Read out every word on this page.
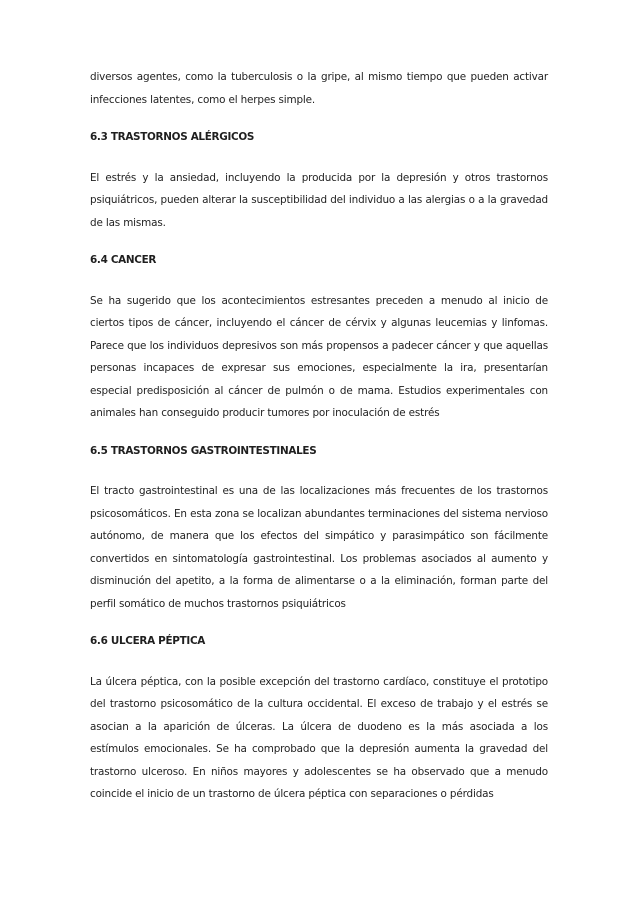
diversos agentes, como la tuberculosis o la gripe, al mismo tiempo que pueden activar infecciones latentes, como el herpes simple.

6.3 TRASTORNOS ALÉRGICOS

El estrés y la ansiedad, incluyendo la producida por la depresión y otros trastornos psiquiátricos, pueden alterar la susceptibilidad del individuo a las alergias o a la gravedad de las mismas.

6.4 CANCER

Se ha sugerido que los acontecimientos estresantes preceden a menudo al inicio de ciertos tipos de cáncer, incluyendo el cáncer de cérvix y algunas leucemias y linfomas. Parece que los individuos depresivos son más propensos a padecer cáncer y que aquellas personas incapaces de expresar sus emociones, especialmente la ira, presentarían especial predisposición al cáncer de pulmón o de mama. Estudios experimentales con animales han conseguido producir tumores por inoculación de estrés

6.5 TRASTORNOS GASTROINTESTINALES

El tracto gastrointestinal es una de las localizaciones más frecuentes de los trastornos psicosomáticos. En esta zona se localizan abundantes terminaciones del sistema nervioso autónomo, de manera que los efectos del simpático y parasimpático son fácilmente convertidos en sintomatología gastrointestinal. Los problemas asociados al aumento y disminución del apetito, a la forma de alimentarse o a la eliminación, forman parte del perfil somático de muchos trastornos psiquiátricos

6.6 ULCERA PÉPTICA

La úlcera péptica, con la posible excepción del trastorno cardíaco, constituye el prototipo del trastorno psicosomático de la cultura occidental. El exceso de trabajo y el estrés se asocian a la aparición de úlceras. La úlcera de duodeno es la más asociada a los estímulos emocionales. Se ha comprobado que la depresión aumenta la gravedad del trastorno ulceroso. En niños mayores y adolescentes se ha observado que a menudo coincide el inicio de un trastorno de úlcera péptica con separaciones o pérdidas
